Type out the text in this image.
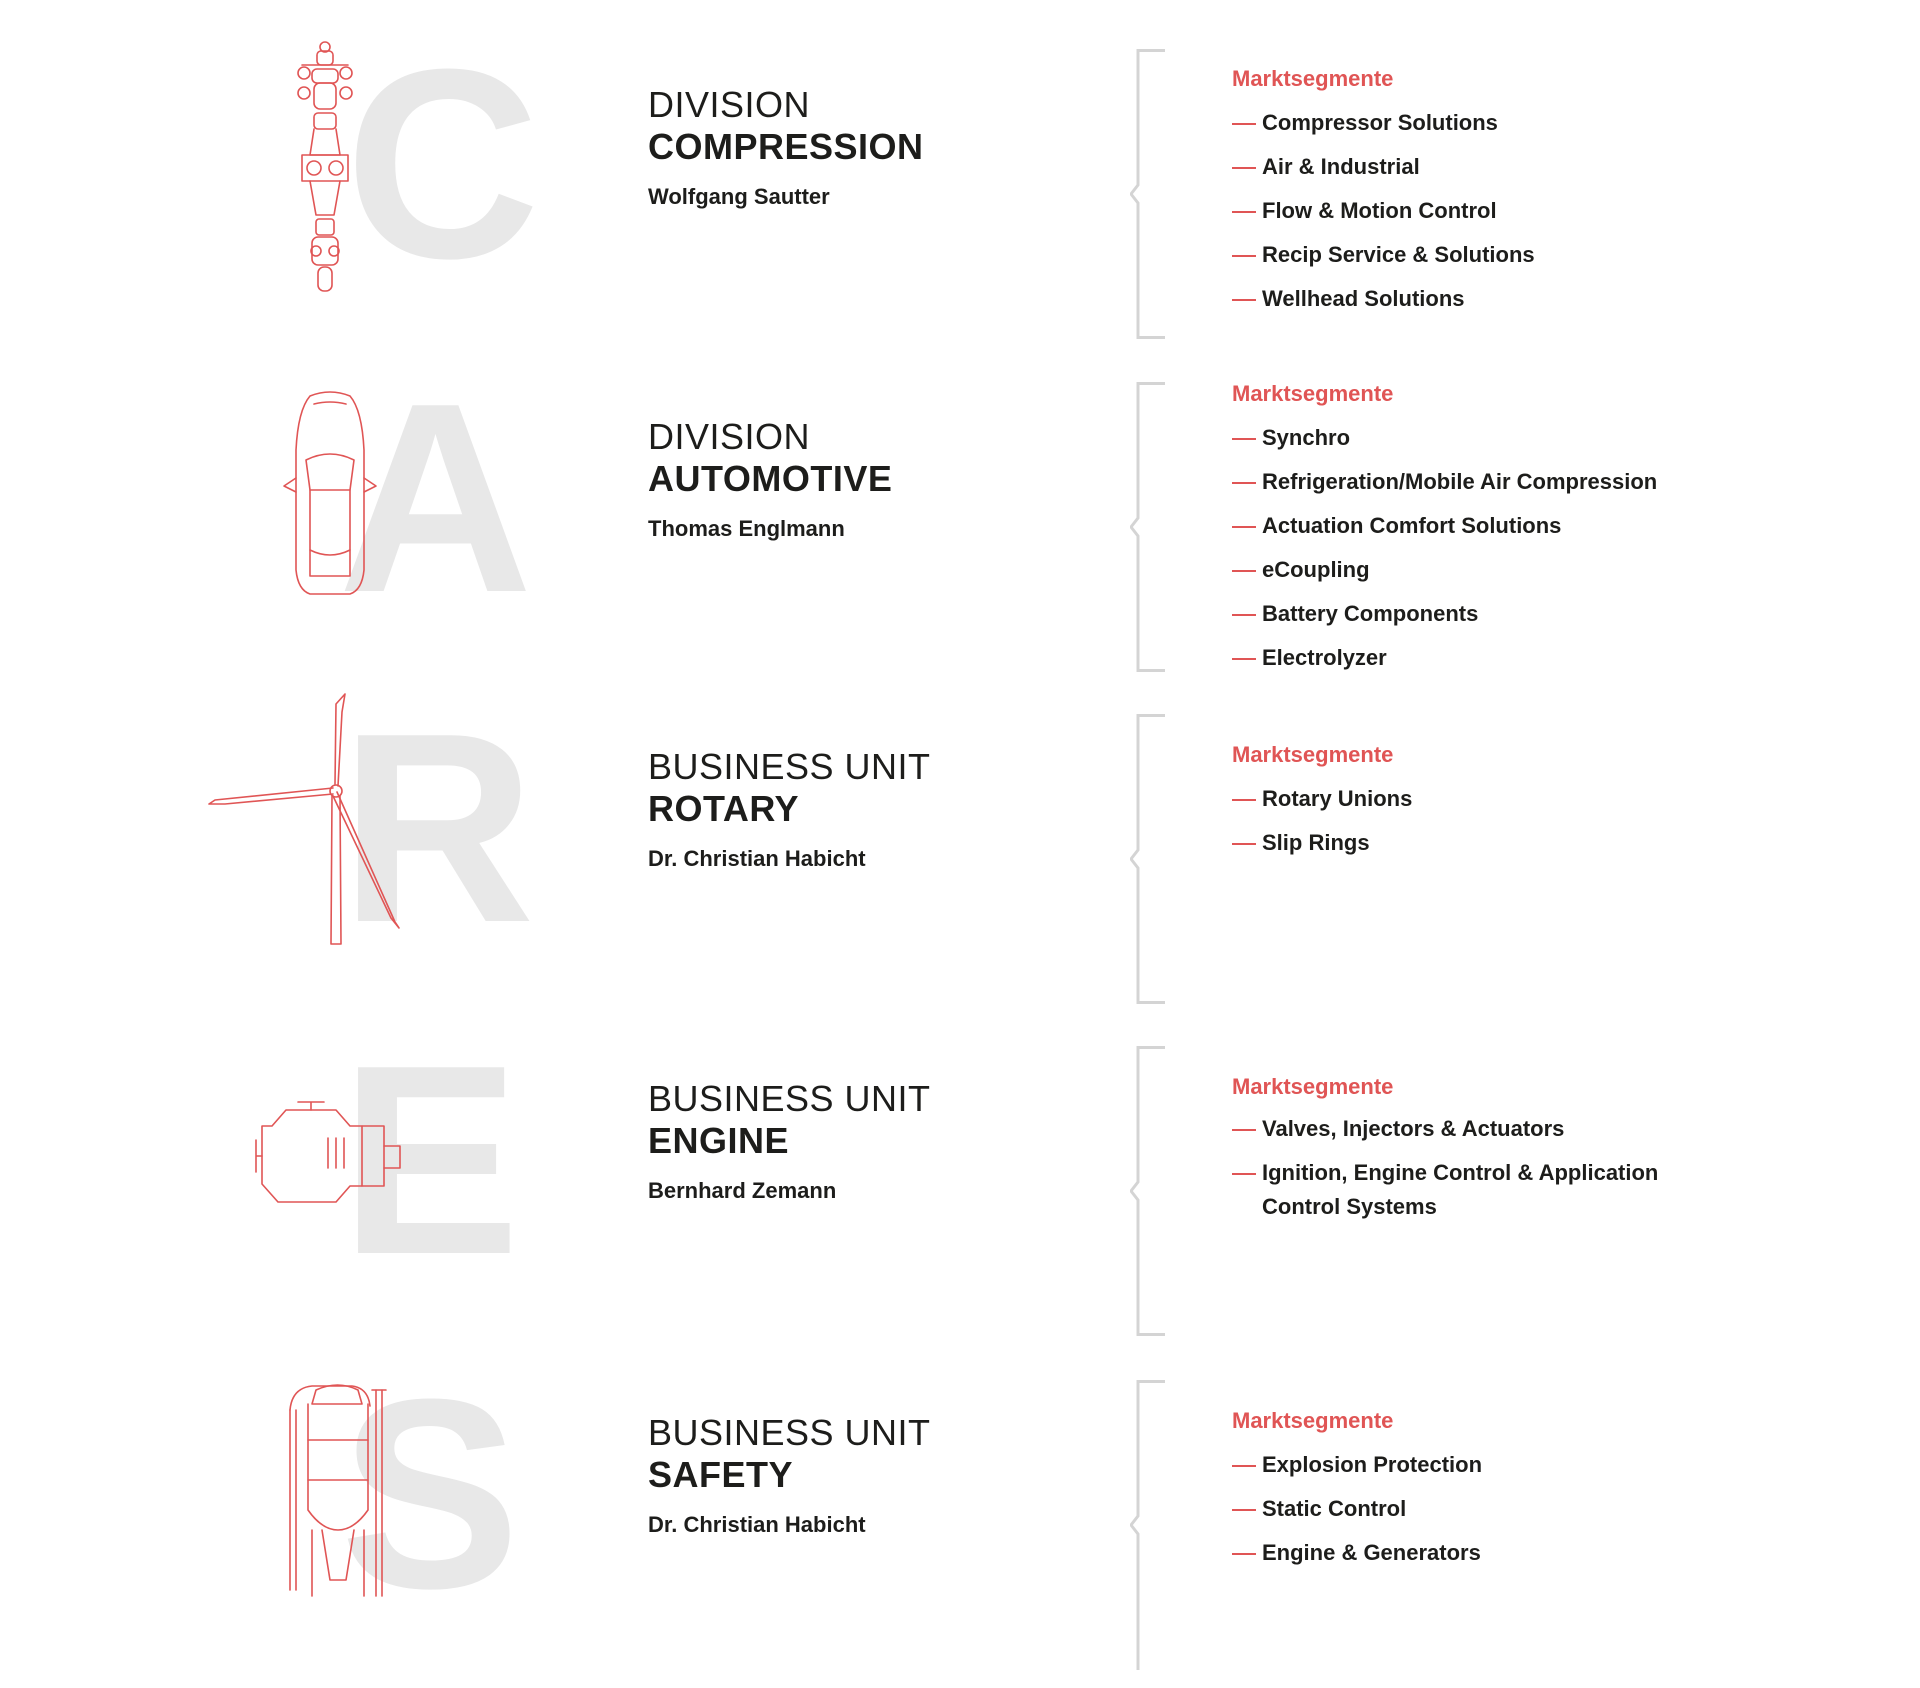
C	DIVISION
COMPRESSION
Wolfgang Sautter
Marktsegmente
Compressor Solutions
Air & Industrial
Flow & Motion Control
Recip Service & Solutions
Wellhead Solutions
A	DIVISION
AUTOMOTIVE
Thomas Englmann
Marktsegmente
Synchro
Refrigeration/Mobile Air Compression
Actuation Comfort Solutions
eCoupling
Battery Components
Electrolyzer
R	BUSINESS UNIT
ROTARY
Dr. Christian Habicht
Marktsegmente
Rotary Unions
Slip Rings
E	BUSINESS UNIT
ENGINE
Bernhard Zemann
Marktsegmente
Valves, Injectors & Actuators
Ignition, Engine Control & Application Control Systems
S	BUSINESS UNIT
SAFETY
Dr. Christian Habicht
Marktsegmente
Explosion Protection
Static Control
Engine & Generators
